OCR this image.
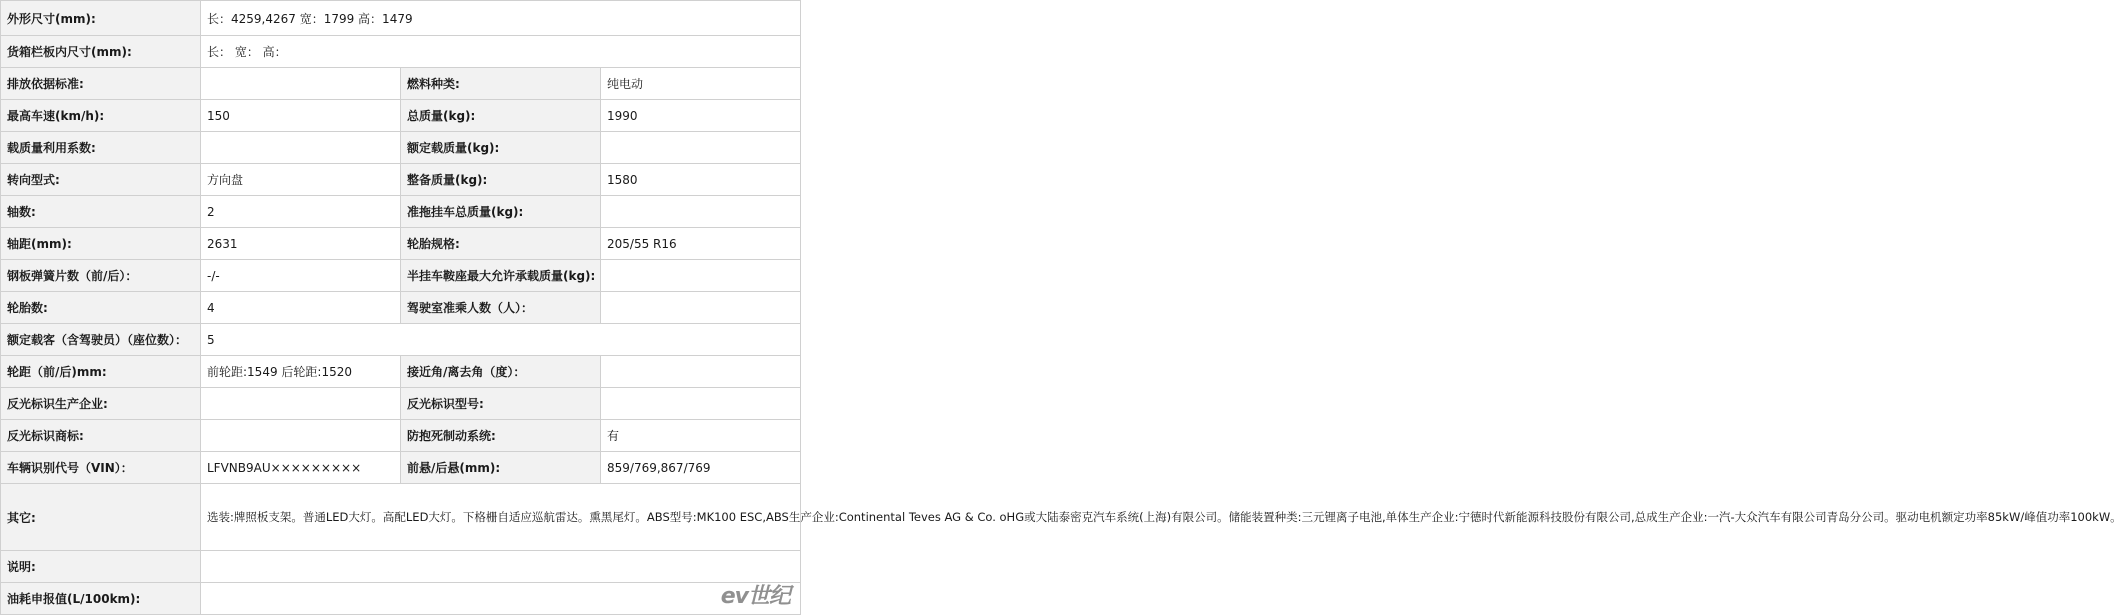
外形尺寸(mm):	长：4259,4267 宽：1799 高：1479		
货箱栏板内尺寸(mm):	长： 宽： 高：		
排放依据标准:		燃料种类:	纯电动
最高车速(km/h):	150	总质量(kg):	1990
载质量利用系数:		额定载质量(kg):	
转向型式:	方向盘	整备质量(kg):	1580
轴数:	2	准拖挂车总质量(kg):	
轴距(mm):	2631	轮胎规格:	205/55 R16
钢板弹簧片数（前/后）：	-/-	半挂车鞍座最大允许承载质量(kg):	
轮胎数:	4	驾驶室准乘人数（人）：	
额定载客（含驾驶员）（座位数）：	5		
轮距（前/后)mm:	前轮距:1549 后轮距:1520	接近角/离去角（度）：	
反光标识生产企业:		反光标识型号:	
反光标识商标:		防抱死制动系统:	有
车辆识别代号（VIN）：	LFVNB9AU×××××××××	前悬/后悬(mm):	859/769,867/769
其它:	选装:牌照板支架。普通LED大灯。高配LED大灯。下格栅自适应巡航雷达。熏黑尾灯。ABS型号:MK100 ESC,ABS生产企业:Continental Teves AG & Co. oHG或大陆泰密克汽车系统(上海)有限公司。储能装置种类:三元锂离子电池,单体生产企业:宁德时代新能源科技股份有限公司,总成生产企业:一汽-大众汽车有限公司青岛分公司。驱动电机额定功率85kW/峰值功率100kW。		
说明:			
油耗申报值(L/100km):				ev世纪
